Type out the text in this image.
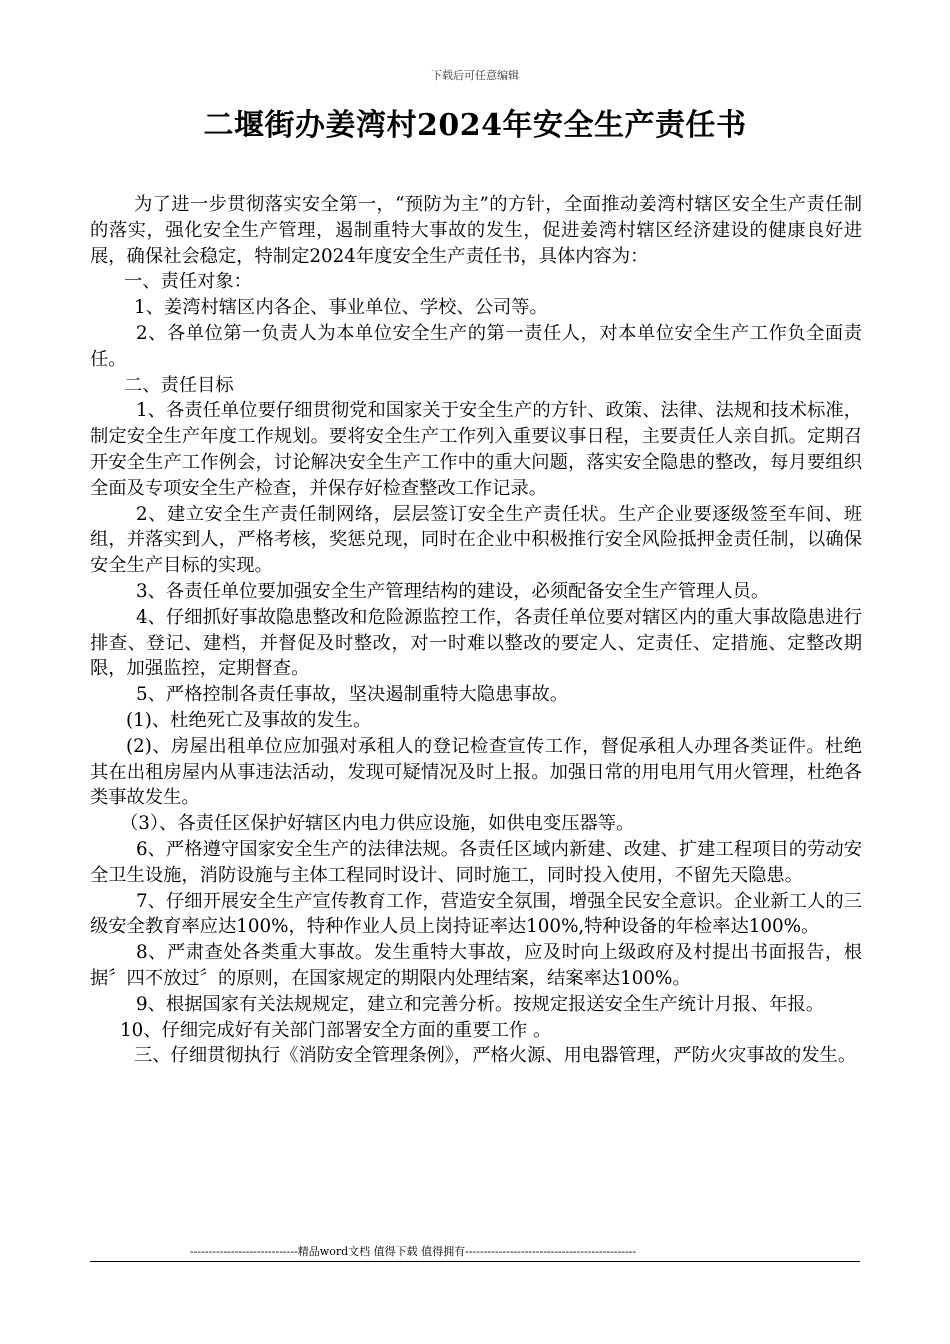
下载后可任意编辑
二堰街办姜湾村2024年安全生产责任书

为了进一步贯彻落实安全第一，“预防为主”的方针，全面推动姜湾村辖区安全生产责任制的落实，强化安全生产管理，遏制重特大事故的发生，促进姜湾村辖区经济建设的健康良好进展，确保社会稳定，特制定2024年度安全生产责任书，具体内容为：

一、责任对象：

1、姜湾村辖区内各企、事业单位、学校、公司等。

2、各单位第一负责人为本单位安全生产的第一责任人，对本单位安全生产工作负全面责任。

二、责任目标

1、各责任单位要仔细贯彻党和国家关于安全生产的方针、政策、法律、法规和技术标准，制定安全生产年度工作规划。要将安全生产工作列入重要议事日程，主要责任人亲自抓。定期召开安全生产工作例会，讨论解决安全生产工作中的重大问题，落实安全隐患的整改，每月要组织全面及专项安全生产检查，并保存好检查整改工作记录。

2、建立安全生产责任制网络，层层签订安全生产责任状。生产企业要逐级签至车间、班组，并落实到人，严格考核，奖惩兑现，同时在企业中积极推行安全风险抵押金责任制，以确保安全生产目标的实现。

3、各责任单位要加强安全生产管理结构的建设，必须配备安全生产管理人员。

4、仔细抓好事故隐患整改和危险源监控工作，各责任单位要对辖区内的重大事故隐患进行排查、登记、建档，并督促及时整改，对一时难以整改的要定人、定责任、定措施、定整改期限，加强监控，定期督查。

5、严格控制各责任事故，坚决遏制重特大隐患事故。

(1)、杜绝死亡及事故的发生。

(2)、房屋出租单位应加强对承租人的登记检查宣传工作，督促承租人办理各类证件。杜绝其在出租房屋内从事违法活动，发现可疑情况及时上报。加强日常的用电用气用火管理，杜绝各类事故发生。

（3）、各责任区保护好辖区内电力供应设施，如供电变压器等。

6、严格遵守国家安全生产的法律法规。各责任区域内新建、改建、扩建工程项目的劳动安全卫生设施，消防设施与主体工程同时设计、同时施工，同时投入使用，不留先天隐患。

7、仔细开展安全生产宣传教育工作，营造安全氛围，增强全民安全意识。企业新工人的三级安全教育率应达100%，特种作业人员上岗持证率达100%,特种设备的年检率达100%。

8、严肃查处各类重大事故。发生重特大事故，应及时向上级政府及村提出书面报告，根据〞四不放过〞的原则，在国家规定的期限内处理结案，结案率达100%。

9、根据国家有关法规规定，建立和完善分析。按规定报送安全生产统计月报、年报。

10、仔细完成好有关部门部署安全方面的重要工作 。

三、仔细贯彻执行《消防安全管理条例》，严格火源、用电器管理，严防火灾事故的发生。

-----------------------------精品word文档 值得下载 值得拥有----------------------------------------------
